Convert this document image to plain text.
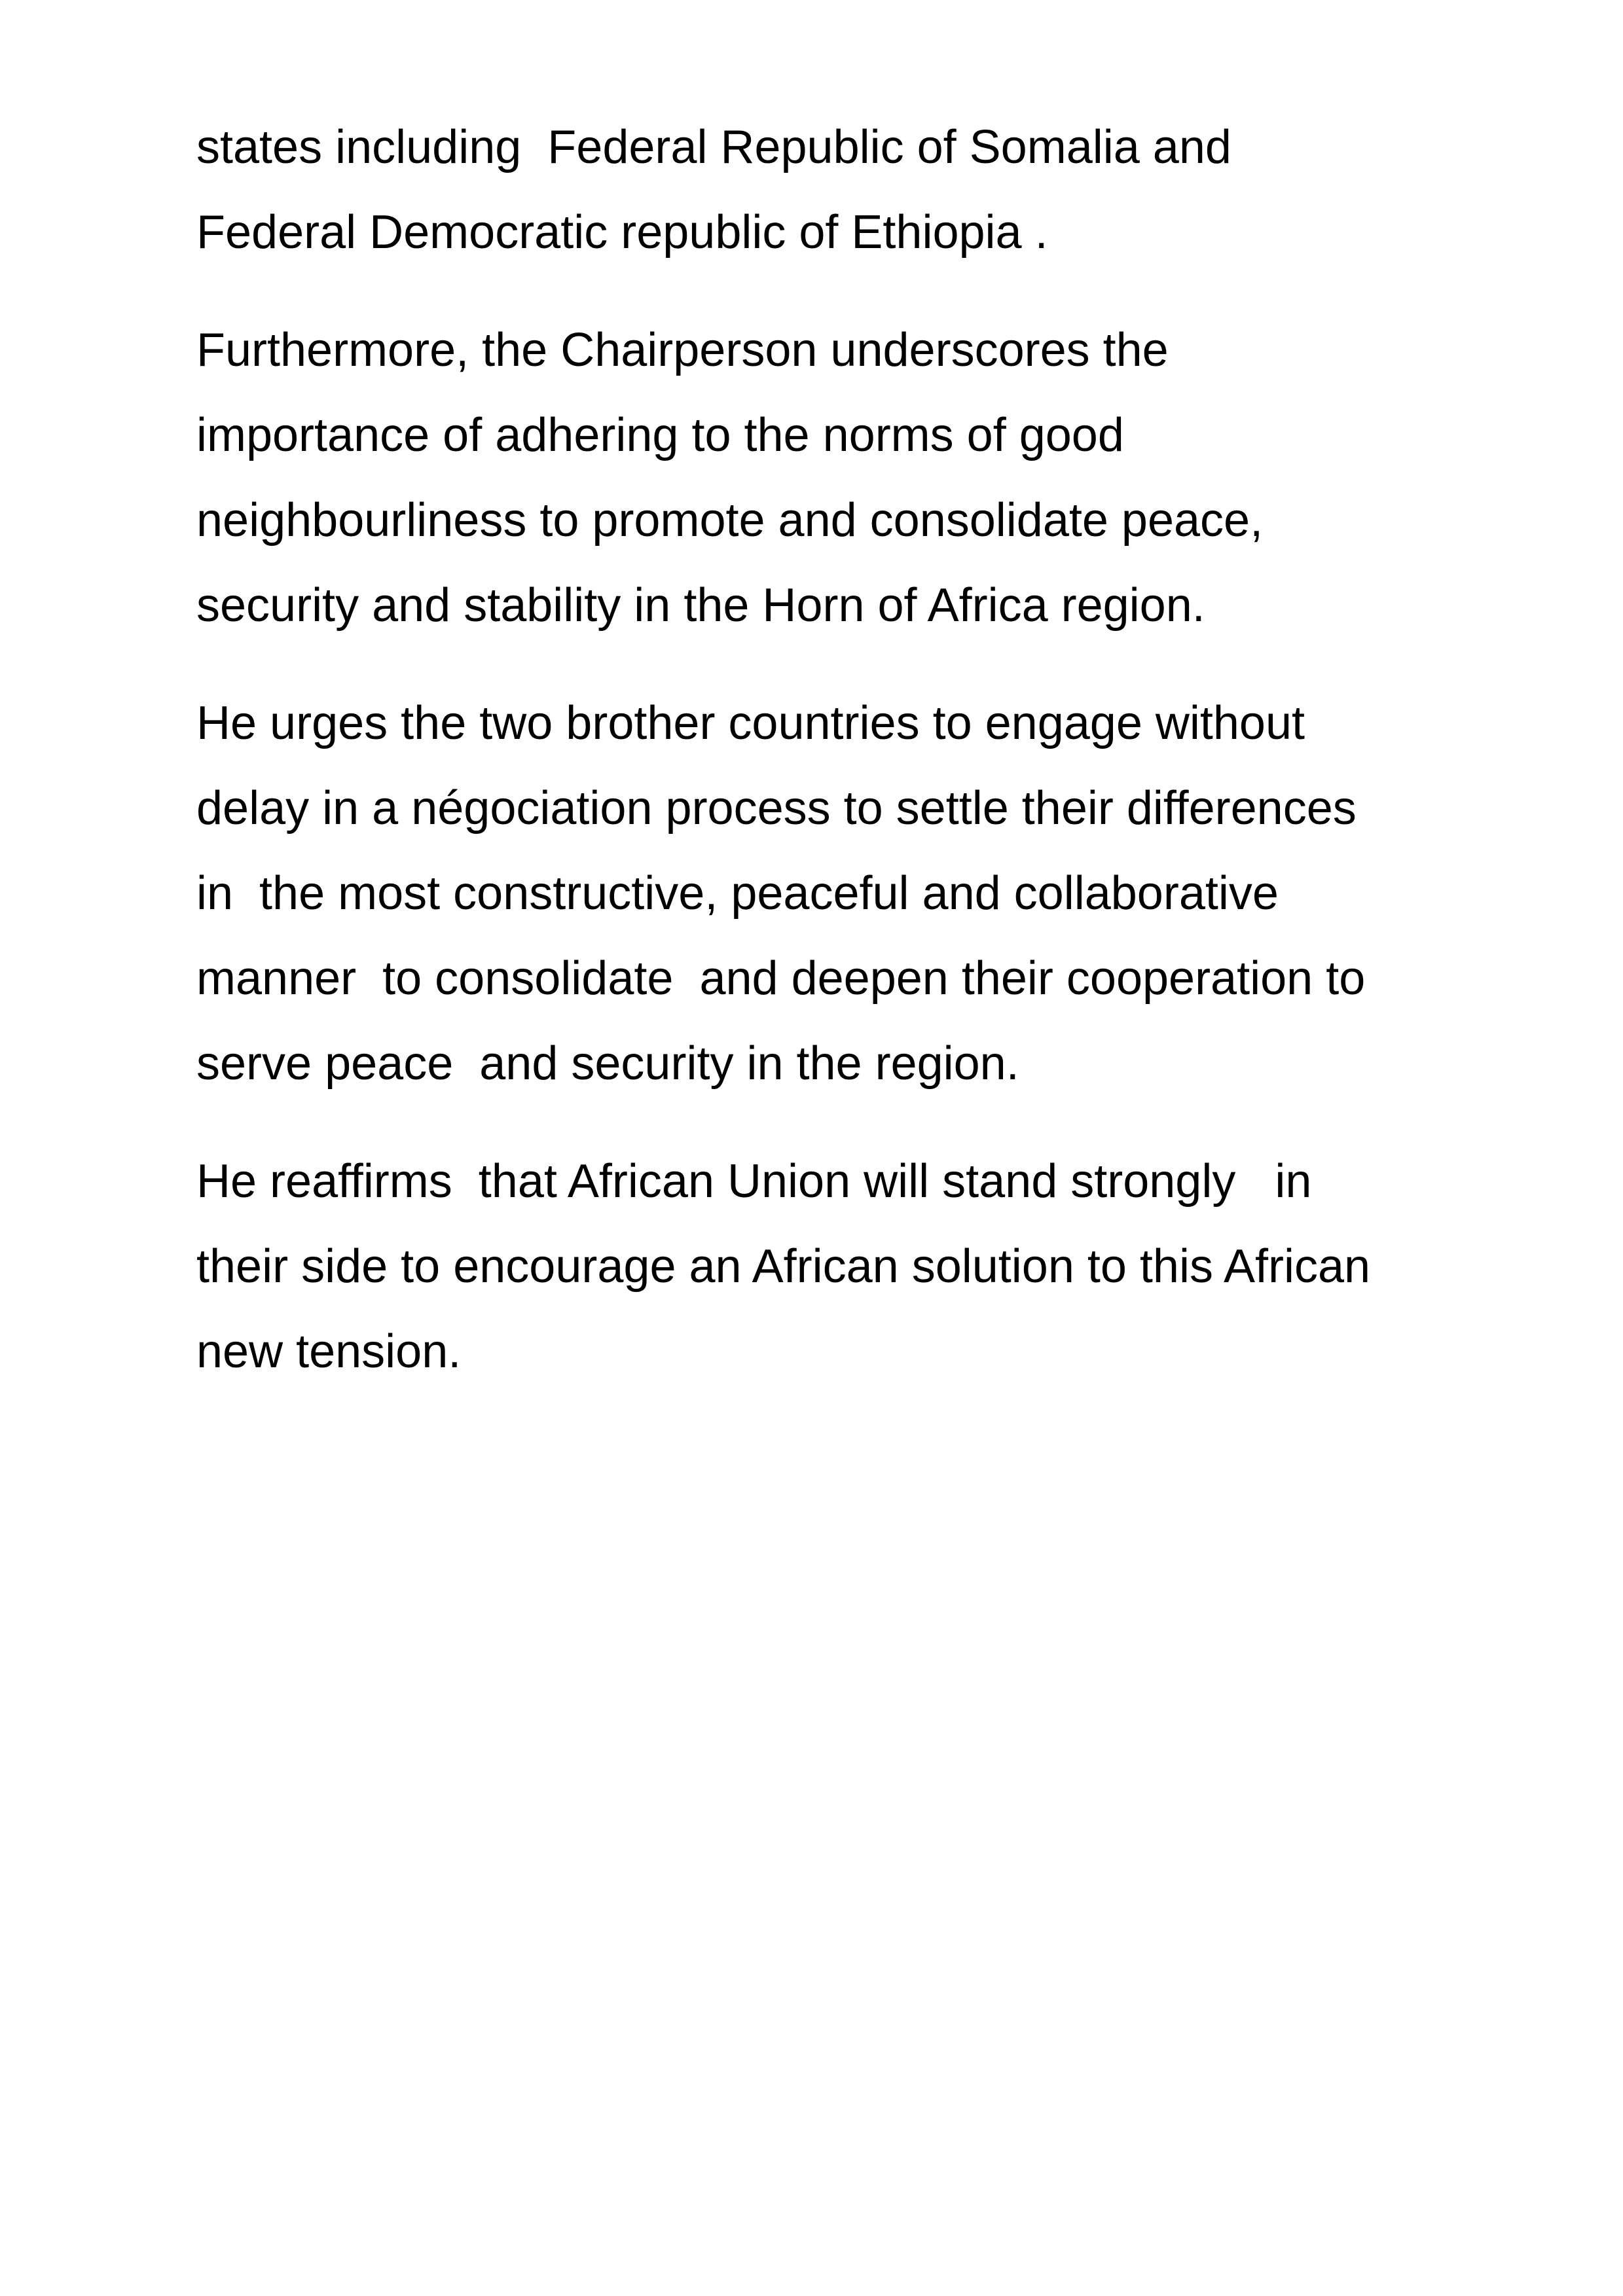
states including  Federal Republic of Somalia and
Federal Democratic republic of Ethiopia .

Furthermore, the Chairperson underscores the
importance of adhering to the norms of good
neighbourliness to promote and consolidate peace,
security and stability in the Horn of Africa region.

He urges the two brother countries to engage without
delay in a négociation process to settle their differences
in  the most constructive, peaceful and collaborative
manner  to consolidate  and deepen their cooperation to
serve peace  and security in the region.

He reaffirms  that African Union will stand strongly   in
their side to encourage an African solution to this African
new tension.
